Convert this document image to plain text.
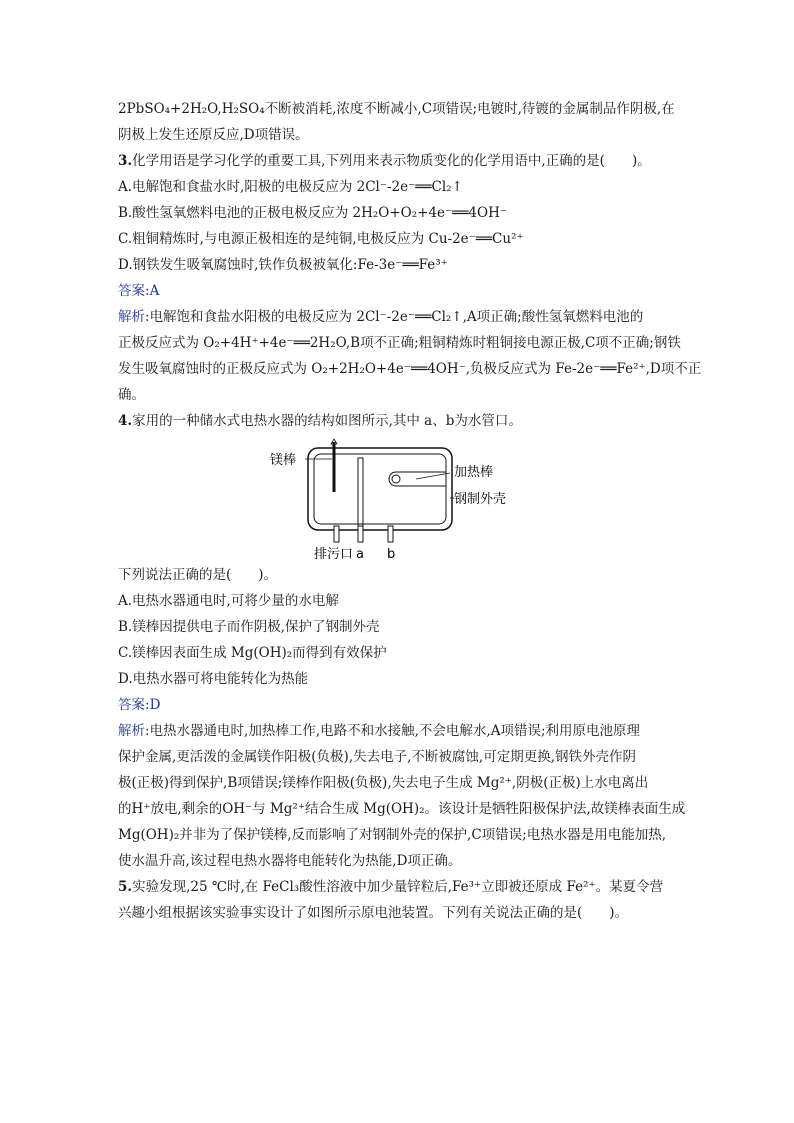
2PbSO₄+2H₂O,H₂SO₄不断被消耗,浓度不断减小,C项错误;电镀时,待镀的金属制品作阴极,在
阴极上发生还原反应,D项错误。
3.化学用语是学习化学的重要工具,下列用来表示物质变化的化学用语中,正确的是(　　)。
A.电解饱和食盐水时,阳极的电极反应为 2Cl⁻-2e⁻══Cl₂↑
B.酸性氢氧燃料电池的正极电极反应为 2H₂O+O₂+4e⁻══4OH⁻
C.粗铜精炼时,与电源正极相连的是纯铜,电极反应为 Cu-2e⁻══Cu²⁺
D.钢铁发生吸氧腐蚀时,铁作负极被氧化:Fe-3e⁻══Fe³⁺
答案:A
解析:电解饱和食盐水阳极的电极反应为 2Cl⁻-2e⁻══Cl₂↑,A项正确;酸性氢氧燃料电池的
正极反应式为 O₂+4H⁺+4e⁻══2H₂O,B项不正确;粗铜精炼时粗铜接电源正极,C项不正确;钢铁
发生吸氧腐蚀时的正极反应式为 O₂+2H₂O+4e⁻══4OH⁻,负极反应式为 Fe-2e⁻══Fe²⁺,D项不正
确。
4.家用的一种储水式电热水器的结构如图所示,其中 a、b为水管口。
镁棒
加热棒
钢制外壳
排污口 a b
下列说法正确的是(　　)。
A.电热水器通电时,可将少量的水电解
B.镁棒因提供电子而作阴极,保护了钢制外壳
C.镁棒因表面生成 Mg(OH)₂而得到有效保护
D.电热水器可将电能转化为热能
答案:D
解析:电热水器通电时,加热棒工作,电路不和水接触,不会电解水,A项错误;利用原电池原理
保护金属,更活泼的金属镁作阳极(负极),失去电子,不断被腐蚀,可定期更换,钢铁外壳作阴
极(正极)得到保护,B项错误;镁棒作阳极(负极),失去电子生成 Mg²⁺,阴极(正极)上水电离出
的H⁺放电,剩余的OH⁻与 Mg²⁺结合生成 Mg(OH)₂。该设计是牺牲阳极保护法,故镁棒表面生成
Mg(OH)₂并非为了保护镁棒,反而影响了对钢制外壳的保护,C项错误;电热水器是用电能加热,
使水温升高,该过程电热水器将电能转化为热能,D项正确。
5.实验发现,25 ℃时,在 FeCl₃酸性溶液中加少量锌粒后,Fe³⁺立即被还原成 Fe²⁺。某夏令营
兴趣小组根据该实验事实设计了如图所示原电池装置。下列有关说法正确的是(　　)。
